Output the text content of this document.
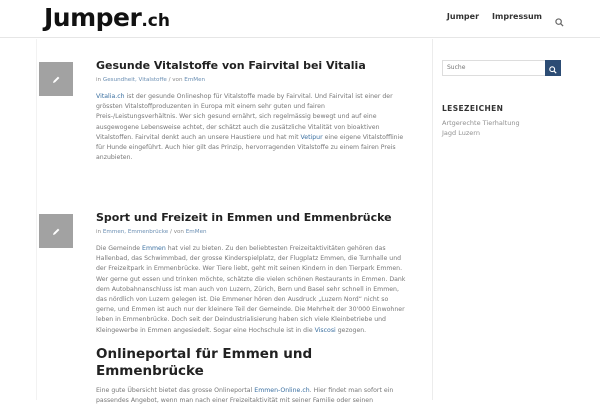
Jumper.ch	Jumper Impressum
Gesunde Vitalstoffe von Fairvital bei Vitalia
in Gesundheit, Vitalstoffe / von EmMen
Vitalia.ch ist der gesunde Onlineshop für Vitalstoffe made by Fairvital. Und Fairvital ist einer der grössten Vitalstoffproduzenten in Europa mit einem sehr guten und fairen Preis-/Leistungsverhältnis. Wer sich gesund ernährt, sich regelmässig bewegt und auf eine ausgewogene Lebensweise achtet, der schätzt auch die zusätzliche Vitalität von bioaktiven Vitalstoffen. Fairvital denkt auch an unsere Haustiere und hat mit Vetipur eine eigene Vitalstofflinie für Hunde eingeführt. Auch hier gilt das Prinzip, hervorragenden Vitalstoffe zu einem fairen Preis anzubieten.
Sport und Freizeit in Emmen und Emmenbrücke
in Emmen, Emmenbrücke / von EmMen
Die Gemeinde Emmen hat viel zu bieten. Zu den beliebtesten Freizeitaktivitäten gehören das Hallenbad, das Schwimmbad, der grosse Kinderspielplatz, der Flugplatz Emmen, die Turnhalle und der Freizeitpark in Emmenbrücke. Wer Tiere liebt, geht mit seinen Kindern in den Tierpark Emmen. Wer gerne gut essen und trinken möchte, schätzte die vielen schönen Restaurants in Emmen. Dank dem Autobahnanschluss ist man auch von Luzern, Zürich, Bern und Basel sehr schnell in Emmen, das nördlich von Luzern gelegen ist. Die Emmener hören den Ausdruck „Luzern Nord“ nicht so gerne, und Emmen ist auch nur der kleinere Teil der Gemeinde. Die Mehrheit der 30'000 Einwohner leben in Emmenbrücke. Doch seit der Deindustrialisierung haben sich viele Kleinbetriebe und Kleingewerbe in Emmen angesiedelt. Sogar eine Hochschule ist in die Viscosi gezogen.
Onlineportal für Emmen und Emmenbrücke
Eine gute Übersicht bietet das grosse Onlineportal Emmen-Online.ch. Hier findet man sofort ein passendes Angebot, wenn man nach einer Freizeitaktivität mit seiner Familie oder seinen
Suche
LESEZEICHEN
Artgerechte Tierhaltung
Jagd Luzern
